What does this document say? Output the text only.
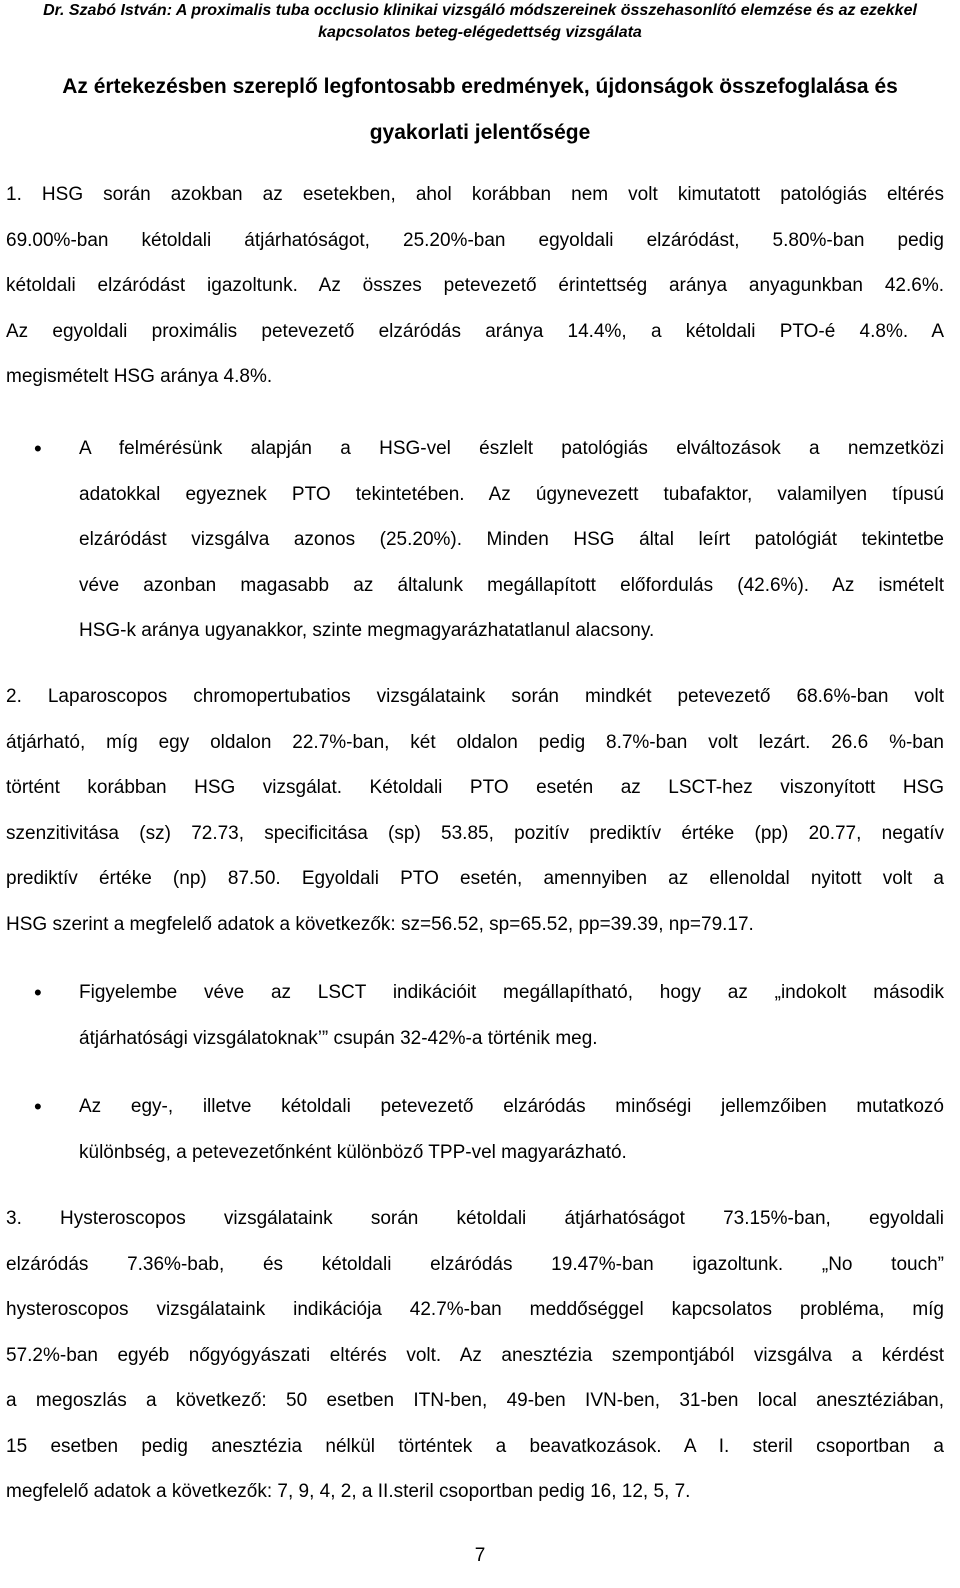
Dr. Szabó István: A proximalis tuba occlusio klinikai vizsgáló módszereinek összehasonlító elemzése és az ezekkel
kapcsolatos beteg-elégedettség vizsgálata
Az értekezésben szereplő legfontosabb eredmények, újdonságok összefoglalása és
gyakorlati jelentősége
1. HSG során azokban az esetekben, ahol korábban nem volt kimutatott patológiás eltérés
69.00%-ban kétoldali átjárhatóságot, 25.20%-ban egyoldali elzáródást, 5.80%-ban pedig
kétoldali elzáródást igazoltunk. Az összes petevezető érintettség aránya anyagunkban 42.6%.
Az egyoldali proximális petevezető elzáródás aránya 14.4%, a kétoldali PTO-é 4.8%. A
megismételt HSG aránya 4.8%.
•	A felmérésünk alapján a HSG-vel észlelt patológiás elváltozások a nemzetközi
adatokkal egyeznek PTO tekintetében. Az úgynevezett tubafaktor, valamilyen típusú
elzáródást vizsgálva azonos (25.20%). Minden HSG által leírt patológiát tekintetbe
véve azonban magasabb az általunk megállapított előfordulás (42.6%). Az ismételt
HSG-k aránya ugyanakkor, szinte megmagyarázhatatlanul alacsony.
2. Laparoscopos chromopertubatios vizsgálataink során mindkét petevezető 68.6%-ban volt
átjárható, míg egy oldalon 22.7%-ban, két oldalon pedig 8.7%-ban volt lezárt. 26.6 %-ban
történt korábban HSG vizsgálat. Kétoldali PTO esetén az LSCT-hez viszonyított HSG
szenzitivitása (sz) 72.73, specificitása (sp) 53.85, pozitív prediktív értéke (pp) 20.77, negatív
prediktív értéke (np) 87.50. Egyoldali PTO esetén, amennyiben az ellenoldal nyitott volt a
HSG szerint a megfelelő adatok a következők: sz=56.52, sp=65.52, pp=39.39, np=79.17.
•	Figyelembe véve az LSCT indikációit megállapítható, hogy az „indokolt második
átjárhatósági vizsgálatoknak’” csupán 32-42%-a történik meg.
•	Az egy-, illetve kétoldali petevezető elzáródás minőségi jellemzőiben mutatkozó
különbség, a petevezetőnként különböző TPP-vel magyarázható.
3. Hysteroscopos vizsgálataink során kétoldali átjárhatóságot 73.15%-ban, egyoldali
elzáródás 7.36%-bab, és kétoldali elzáródás 19.47%-ban igazoltunk. „No touch”
hysteroscopos vizsgálataink indikációja 42.7%-ban meddőséggel kapcsolatos probléma, míg
57.2%-ban egyéb nőgyógyászati eltérés volt. Az anesztézia szempontjából vizsgálva a kérdést
a megoszlás a következő: 50 esetben ITN-ben, 49-ben IVN-ben, 31-ben local anesztéziában,
15 esetben pedig anesztézia nélkül történtek a beavatkozások. A I. steril csoportban a
megfelelő adatok a következők: 7, 9, 4, 2, a II.steril csoportban pedig 16, 12, 5, 7.
7
